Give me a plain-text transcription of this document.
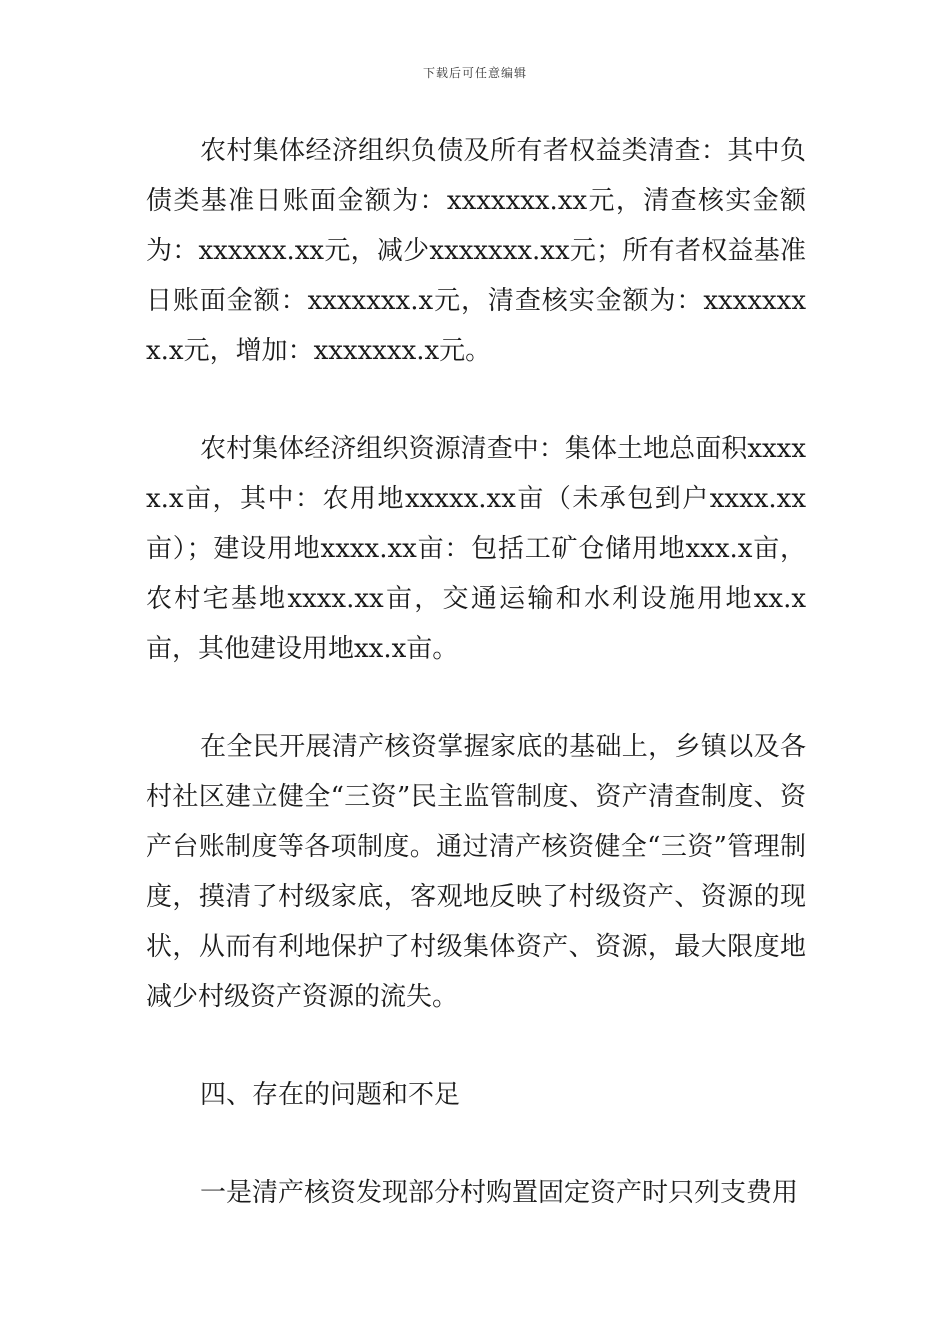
下载后可任意编辑

农村集体经济组织负债及所有者权益类清查：其中负债类基准日账面金额为：xxxxxxx.xx元，清查核实金额为：xxxxxx.xx元，减少xxxxxxx.xx元；所有者权益基准日账面金额：xxxxxxx.x元，清查核实金额为：xxxxxxxx.x元，增加：xxxxxxx.x元。

农村集体经济组织资源清查中：集体土地总面积xxxxx.x亩，其中：农用地xxxxx.xx亩（未承包到户xxxx.xx亩）；建设用地xxxx.xx亩：包括工矿仓储用地xxx.x亩，农村宅基地xxxx.xx亩，交通运输和水利设施用地xx.x亩，其他建设用地xx.x亩。

在全民开展清产核资掌握家底的基础上，乡镇以及各村社区建立健全“三资”民主监管制度、资产清查制度、资产台账制度等各项制度。通过清产核资健全“三资”管理制度，摸清了村级家底，客观地反映了村级资产、资源的现状，从而有利地保护了村级集体资产、资源，最大限度地减少村级资产资源的流失。

四、存在的问题和不足

一是清产核资发现部分村购置固定资产时只列支费用
